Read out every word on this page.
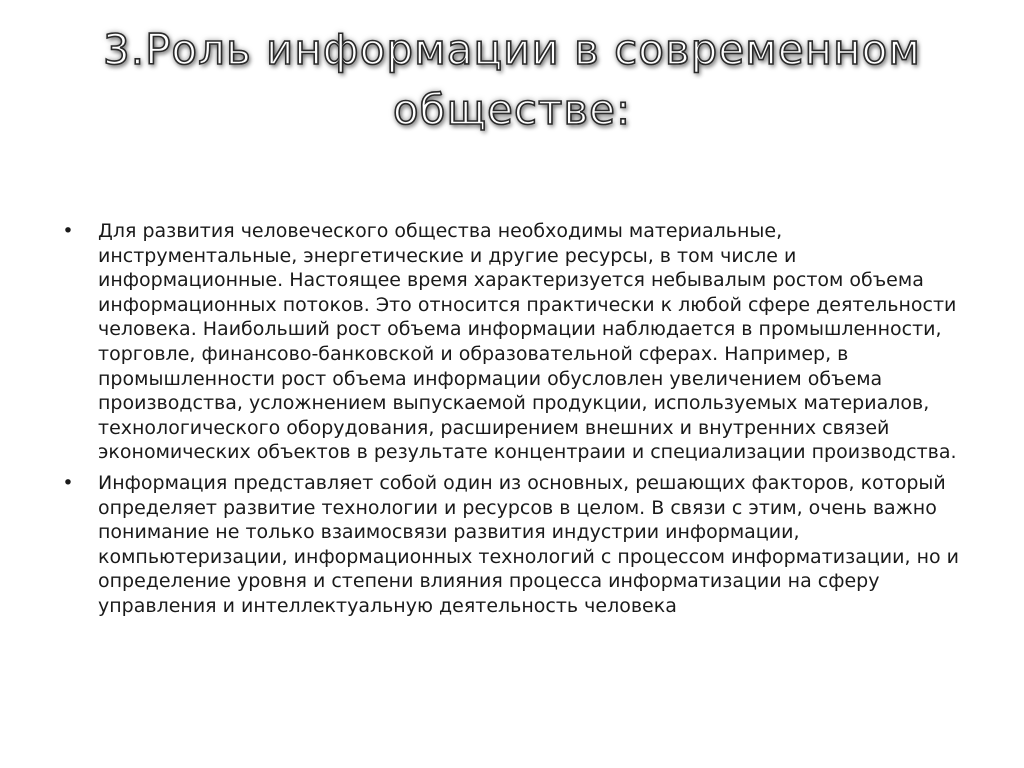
3.Роль информации в современном обществе:
• Для развития человеческого общества необходимы материальные, инструментальные, энергетические и другие ресурсы, в том числе и информационные. Настоящее время характеризуется небывалым ростом объема информационных потоков. Это относится практически к любой сфере деятельности человека. Наибольший рост объема информации наблюдается в промышленности, торговле, финансово-банковской и образовательной сферах. Например, в промышленности рост объема информации обусловлен увеличением объема производства, усложнением выпускаемой продукции, используемых материалов, технологического оборудования, расширением внешних и внутренних связей экономических объектов в результате концентраии и специализации производства.
• Информация представляет собой один из основных, решающих факторов, который определяет развитие технологии и ресурсов в целом. В связи с этим, очень важно понимание не только взаимосвязи развития индустрии информации, компьютеризации, информационных технологий с процессом информатизации, но и определение уровня и степени влияния процесса информатизации на сферу управления и интеллектуальную деятельность человека
